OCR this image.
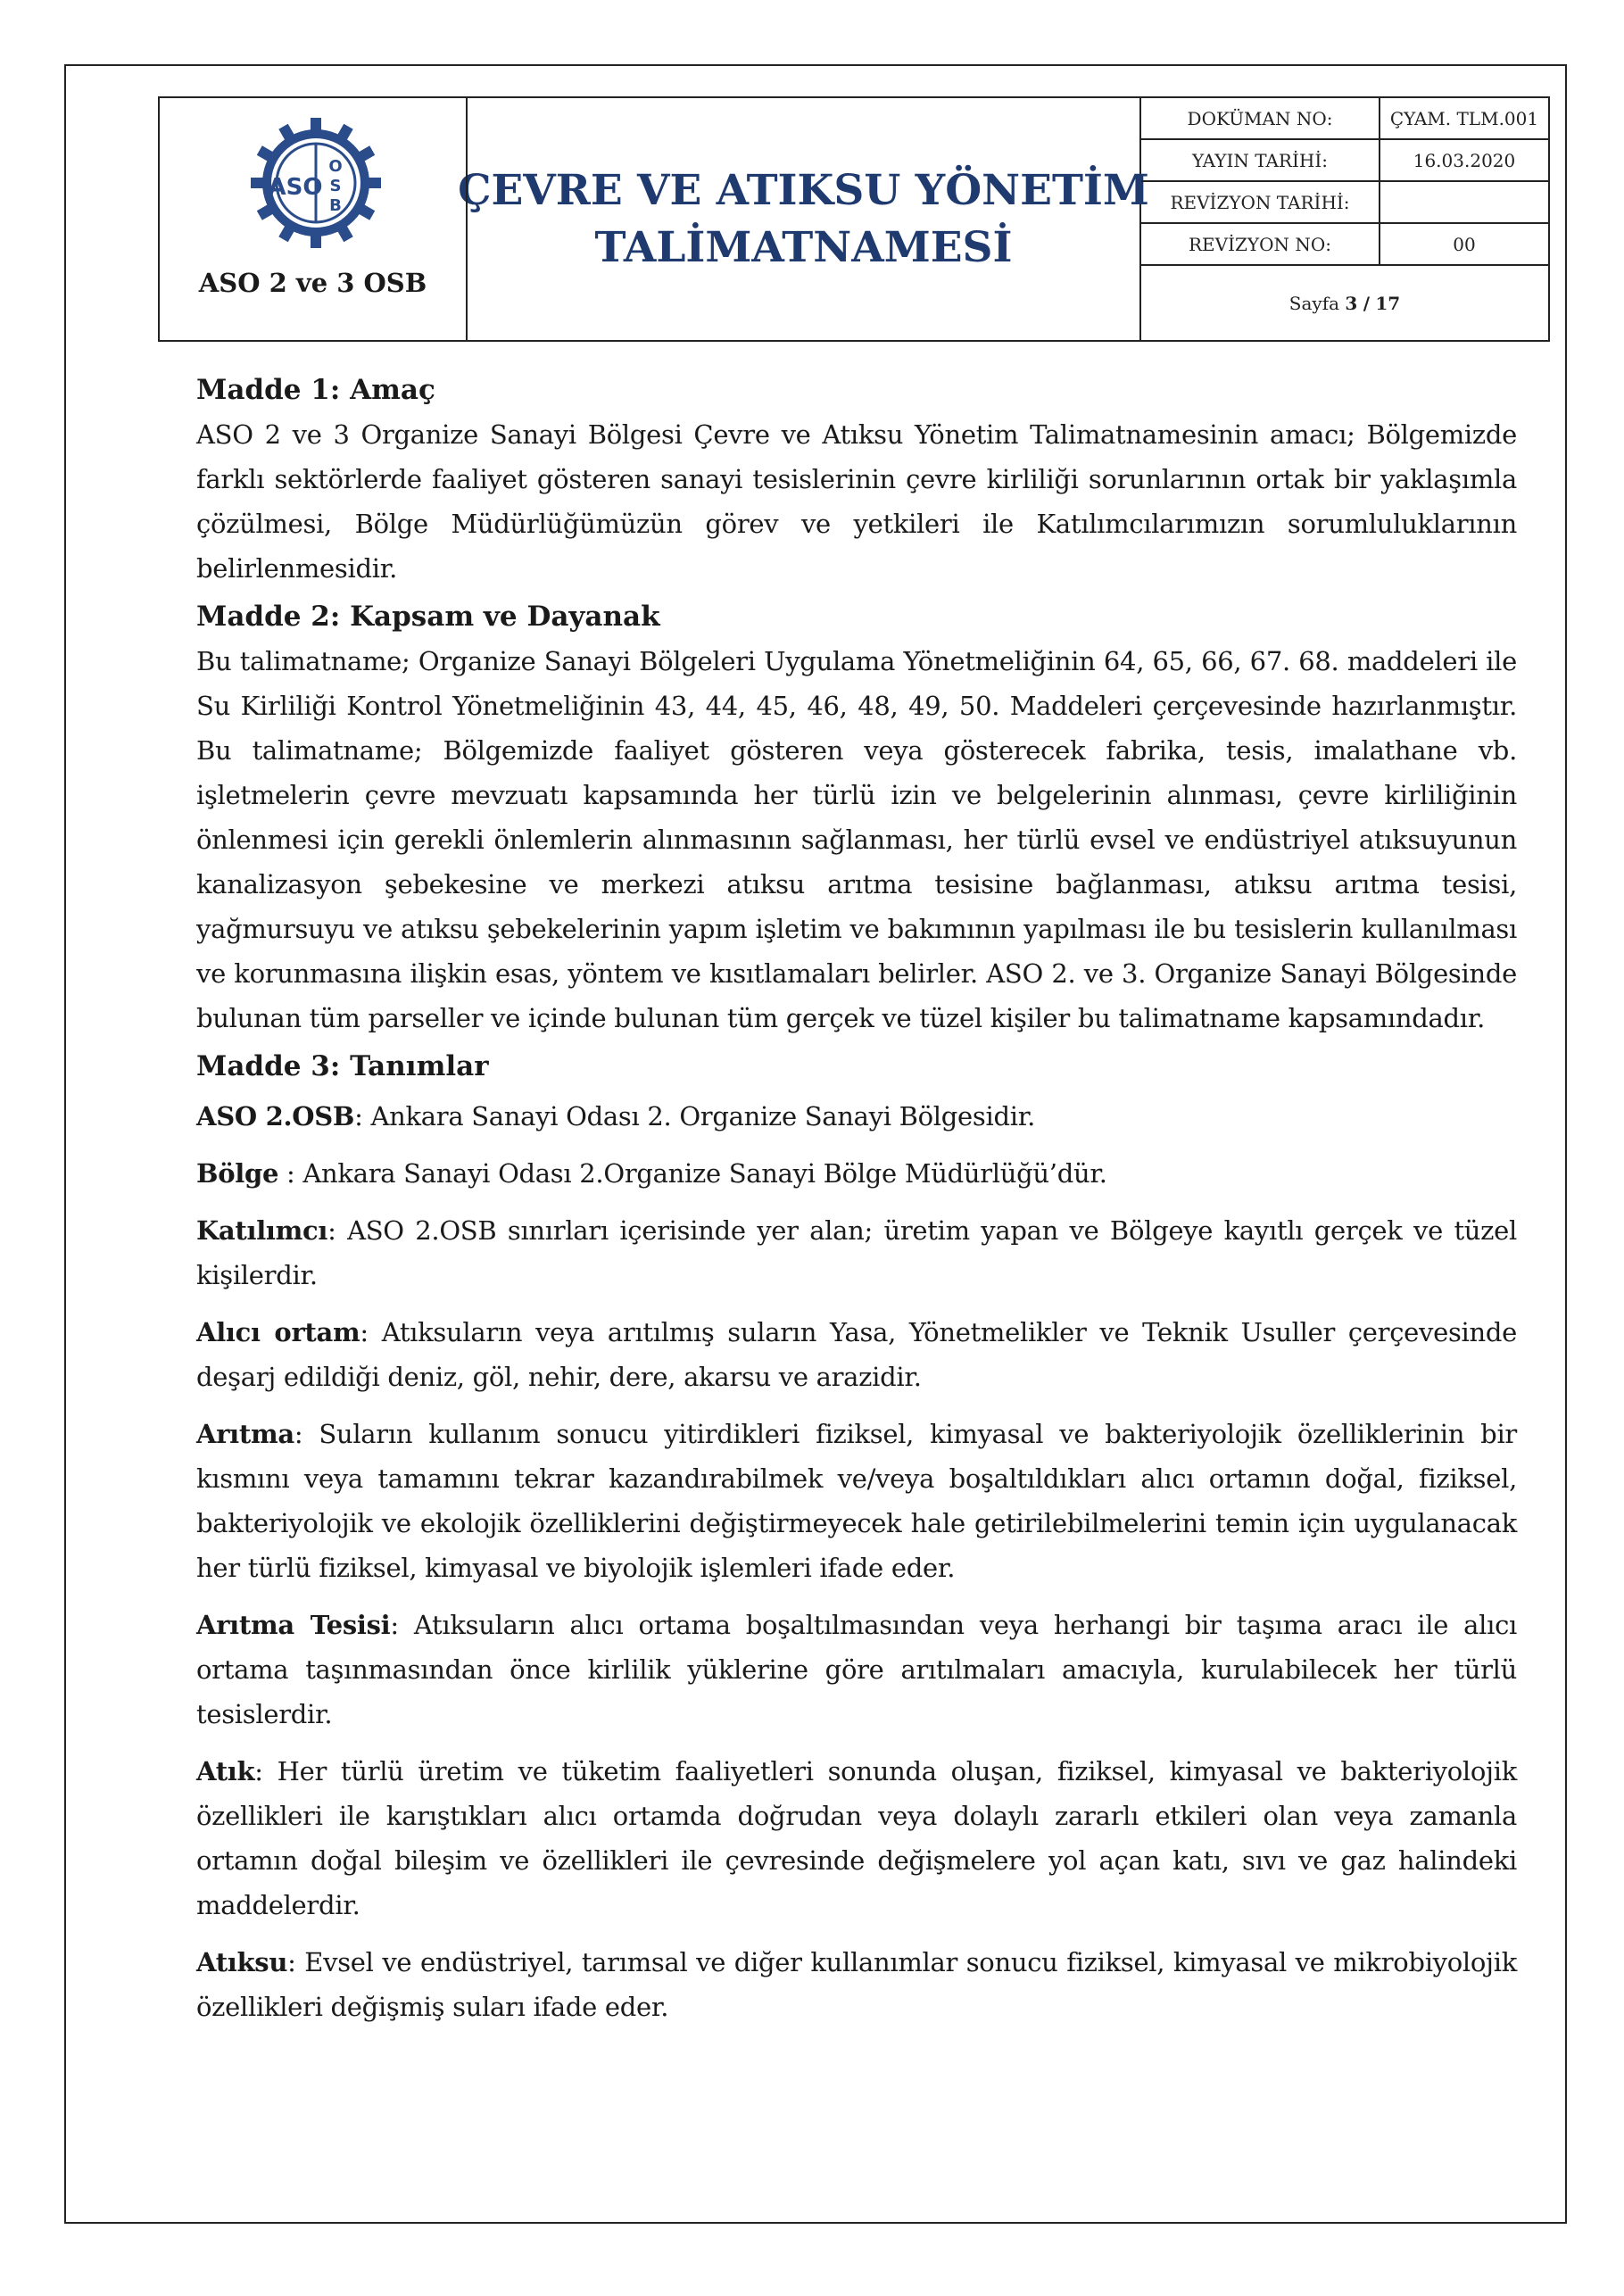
ASO
O
S
B
ASO 2 ve 3 OSB
ÇEVRE VE ATIKSU YÖNETİM
TALİMATNAMESİ
DOKÜMAN NO:	ÇYAM. TLM.001
YAYIN TARİHİ:	16.03.2020
REVİZYON TARİHİ:
REVİZYON NO:	00
Sayfa
3
/
17

Madde 1: Amaç

ASO 2 ve 3 Organize Sanayi Bölgesi Çevre ve Atıksu Yönetim Talimatnamesinin amacı; Bölgemizde farklı sektörlerde faaliyet gösteren sanayi tesislerinin çevre kirliliği sorunlarının ortak bir yaklaşımla çözülmesi, Bölge Müdürlüğümüzün görev ve yetkileri ile Katılımcılarımızın sorumluluklarının belirlenmesidir.

Madde 2: Kapsam ve Dayanak

Bu talimatname; Organize Sanayi Bölgeleri Uygulama Yönetmeliğinin 64, 65, 66, 67. 68. maddeleri ile Su Kirliliği Kontrol Yönetmeliğinin 43, 44, 45, 46, 48, 49, 50. Maddeleri çerçevesinde hazırlanmıştır. Bu talimatname; Bölgemizde faaliyet gösteren veya gösterecek fabrika, tesis, imalathane vb. işletmelerin çevre mevzuatı kapsamında her türlü izin ve belgelerinin alınması, çevre kirliliğinin önlenmesi için gerekli önlemlerin alınmasının sağlanması, her türlü evsel ve endüstriyel atıksuyunun kanalizasyon şebekesine ve merkezi atıksu arıtma tesisine bağlanması, atıksu arıtma tesisi, yağmursuyu ve atıksu şebekelerinin yapım işletim ve bakımının yapılması ile bu tesislerin kullanılması ve korunmasına ilişkin esas, yöntem ve kısıtlamaları belirler. ASO 2. ve 3. Organize Sanayi Bölgesinde bulunan tüm parseller ve içinde bulunan tüm gerçek ve tüzel kişiler bu talimatname kapsamındadır.

Madde 3: Tanımlar

ASO 2.OSB: Ankara Sanayi Odası 2. Organize Sanayi Bölgesidir.

Bölge : Ankara Sanayi Odası 2.Organize Sanayi Bölge Müdürlüğü’dür.

Katılımcı: ASO 2.OSB sınırları içerisinde yer alan; üretim yapan ve Bölgeye kayıtlı gerçek ve tüzel kişilerdir.

Alıcı ortam: Atıksuların veya arıtılmış suların Yasa, Yönetmelikler ve Teknik Usuller çerçevesinde deşarj edildiği deniz, göl, nehir, dere, akarsu ve arazidir.

Arıtma: Suların kullanım sonucu yitirdikleri fiziksel, kimyasal ve bakteriyolojik özelliklerinin bir kısmını veya tamamını tekrar kazandırabilmek ve/veya boşaltıldıkları alıcı ortamın doğal, fiziksel, bakteriyolojik ve ekolojik özelliklerini değiştirmeyecek hale getirilebilmelerini temin için uygulanacak her türlü fiziksel, kimyasal ve biyolojik işlemleri ifade eder.

Arıtma Tesisi: Atıksuların alıcı ortama boşaltılmasından veya herhangi bir taşıma aracı ile alıcı ortama taşınmasından önce kirlilik yüklerine göre arıtılmaları amacıyla, kurulabilecek her türlü tesislerdir.

Atık: Her türlü üretim ve tüketim faaliyetleri sonunda oluşan, fiziksel, kimyasal ve bakteriyolojik özellikleri ile karıştıkları alıcı ortamda doğrudan veya dolaylı zararlı etkileri olan veya zamanla ortamın doğal bileşim ve özellikleri ile çevresinde değişmelere yol açan katı, sıvı ve gaz halindeki maddelerdir.

Atıksu: Evsel ve endüstriyel, tarımsal ve diğer kullanımlar sonucu fiziksel, kimyasal ve mikrobiyolojik özellikleri değişmiş suları ifade eder.
